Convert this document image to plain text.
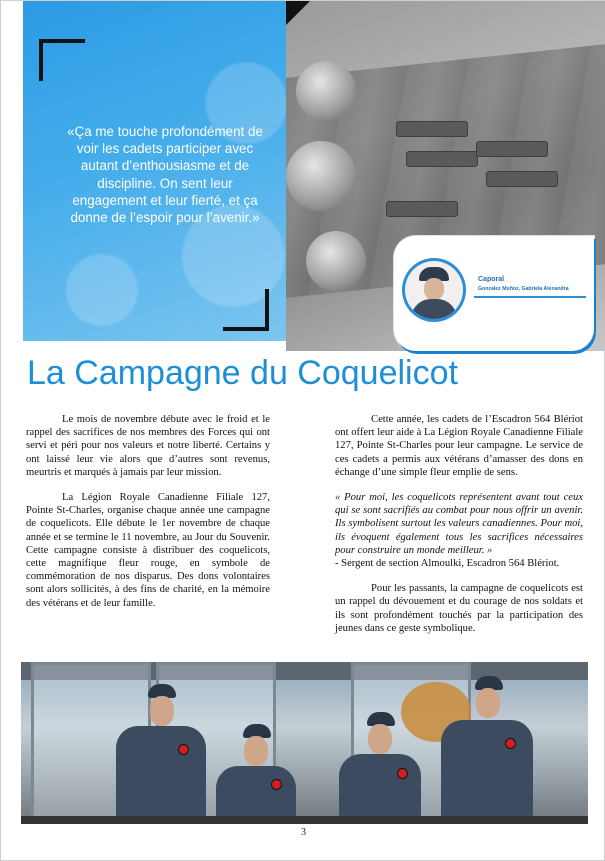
«Ça me touche profondément de voir les cadets participer avec autant d’enthousiasme et de discipline. On sent leur engagement et leur fierté, et ça donne de l’espoir pour l’avenir.»

Caporal
Gonzalez Muñoz, Gabriela Alexandra
La Campagne du Coquelicot

Le mois de novembre débute avec le froid et le rappel des sacrifices de nos membres des Forces qui ont servi et péri pour nos valeurs et notre liberté. Certains y ont laissé leur vie alors que d’autres sont revenus, meurtris et marqués à jamais par leur mission.

La Légion Royale Canadienne Filiale 127, Pointe St-Charles, organise chaque année une campagne de coquelicots. Elle débute le 1er novembre de chaque année et se termine le 11 novembre, au Jour du Souvenir. Cette campagne consiste à distribuer des coquelicots, cette magnifique fleur rouge, en symbole de commémoration de nos disparus. Des dons volontaires sont alors sollicités, à des fins de charité, en la mémoire des vétérans et de leur famille.

Cette année, les cadets de l’Escadron 564 Blériot ont offert leur aide à La Légion Royale Canadienne Filiale 127, Pointe St-Charles pour leur campagne. Le service de ces cadets a permis aux vétérans d’amasser des dons en échange d’une simple fleur emplie de sens.

« Pour moi, les coquelicots représentent avant tout ceux qui se sont sacrifiés au combat pour nous offrir un avenir. Ils symbolisent surtout les valeurs canadiennes. Pour moi, ils évoquent également tous les sacrifices nécessaires pour construire un monde meilleur. »

- Sergent de section Almoulki, Escadron 564 Blériot.

Pour les passants, la campagne de coquelicots est un rappel du dévouement et du courage de nos soldats et ils sont profondément touchés par la participation des jeunes dans ce geste symbolique.

3
